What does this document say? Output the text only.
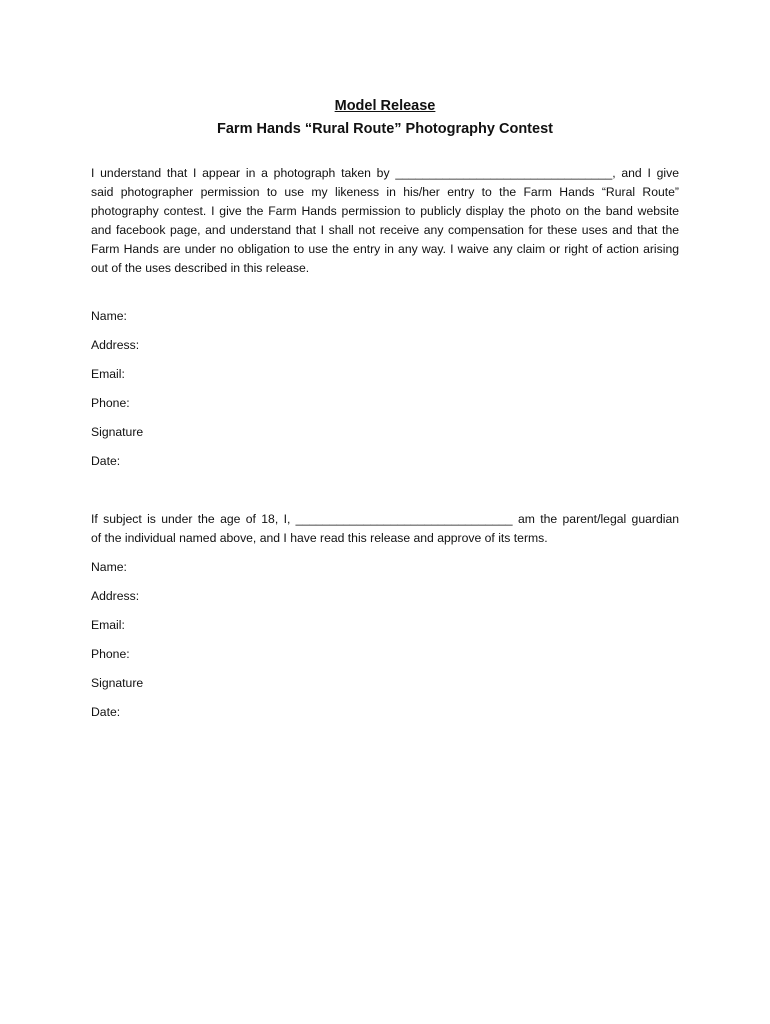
Model Release
Farm Hands “Rural Route” Photography Contest
I understand that I appear in a photograph taken by ________________________________, and I give
said photographer permission to use my likeness in his/her entry to the Farm Hands “Rural Route”
photography contest. I give the Farm Hands permission to publicly display the photo on the band website
and facebook page, and understand that I shall not receive any compensation for these uses and that the
Farm Hands are under no obligation to use the entry in any way. I waive any claim or right of action arising
out of the uses described in this release.
Name:
Address:
Email:
Phone:
Signature
Date:
If subject is under the age of 18, I, ________________________________ am the parent/legal guardian
of the individual named above, and I have read this release and approve of its terms.
Name:
Address:
Email:
Phone:
Signature
Date:
